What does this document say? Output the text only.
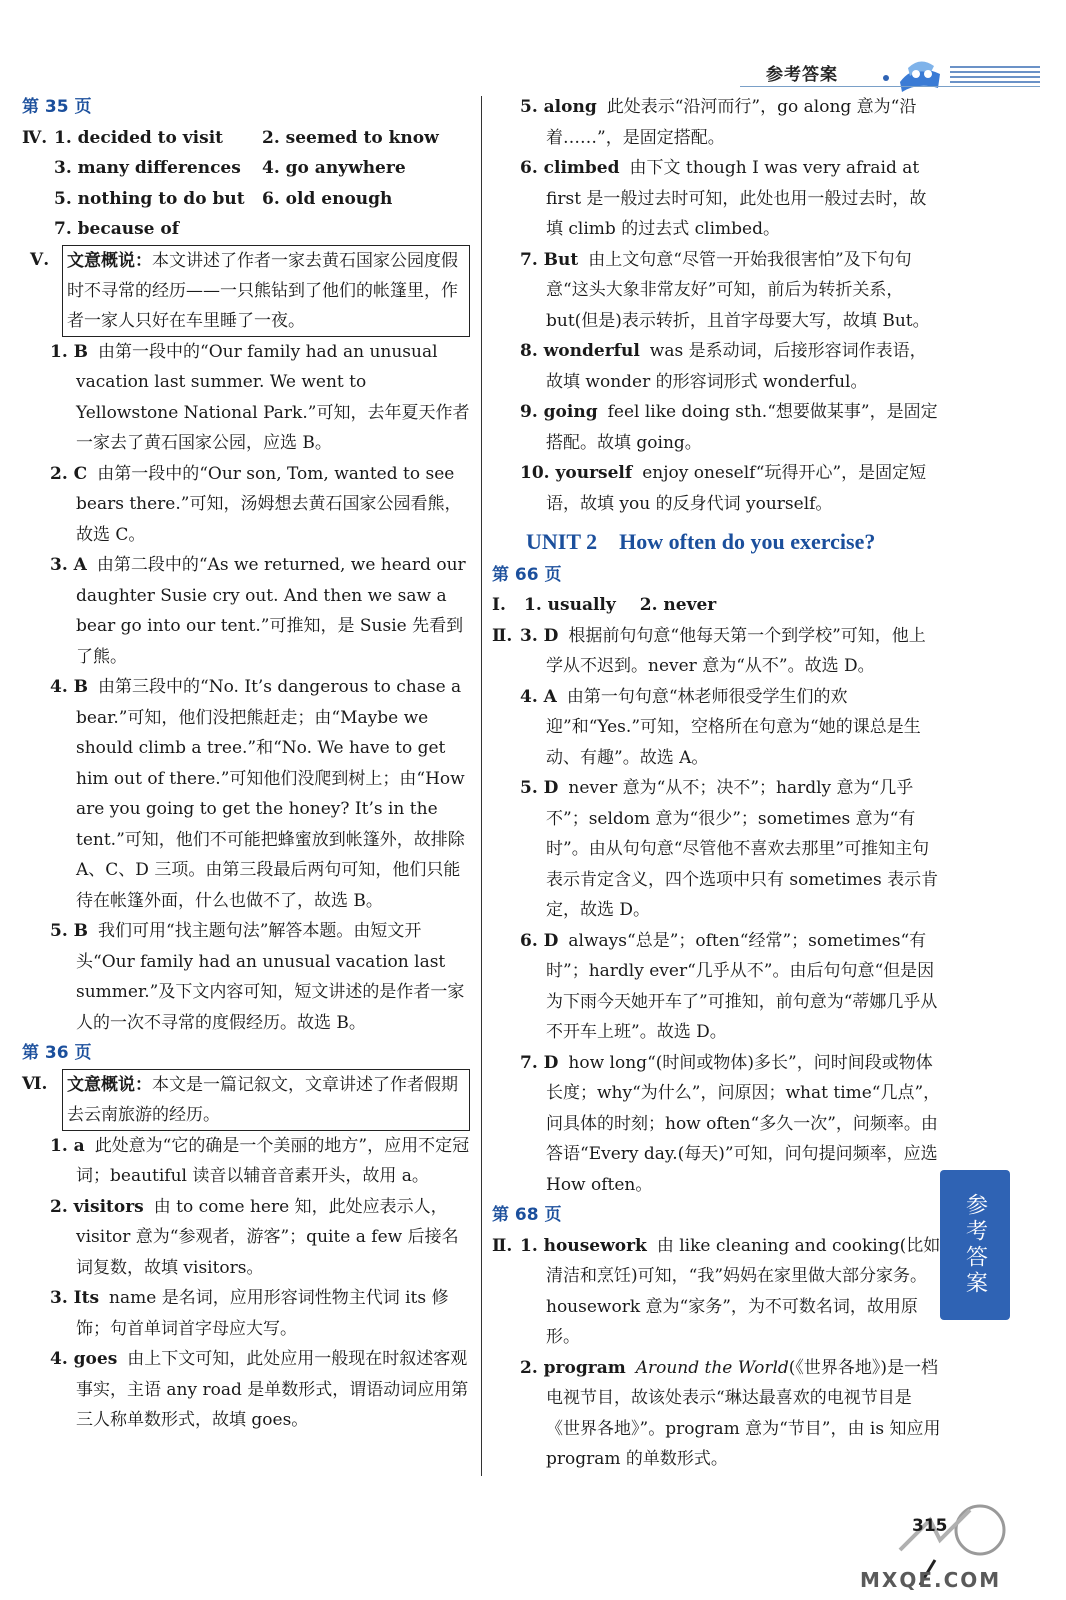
参考答案
第 35 页
Ⅳ. 1. decided to visit	2. seemed to know
3. many differences	4. go anywhere
5. nothing to do but	6. old enough
7. because of
Ⅴ.	文意概说：本文讲述了作者一家去黄石国家公园度假时不寻常的经历——一只熊钻到了他们的帐篷里，作者一家人只好在车里睡了一夜。
1. B 由第一段中的“Our family had an unusual vacation last summer. We went to Yellowstone National Park.”可知，去年夏天作者一家去了黄石国家公园，应选 B。
2. C 由第一段中的“Our son, Tom, wanted to see bears there.”可知，汤姆想去黄石国家公园看熊，故选 C。
3. A 由第二段中的“As we returned, we heard our daughter Susie cry out. And then we saw a bear go into our tent.”可推知，是 Susie 先看到了熊。
4. B 由第三段中的“No. It’s dangerous to chase a bear.”可知，他们没把熊赶走；由“Maybe we should climb a tree.”和“No. We have to get him out of there.”可知他们没爬到树上；由“How are you going to get the honey? It’s in the tent.”可知，他们不可能把蜂蜜放到帐篷外，故排除 A、C、D 三项。由第三段最后两句可知，他们只能待在帐篷外面，什么也做不了，故选 B。
5. B 我们可用“找主题句法”解答本题。由短文开头“Our family had an unusual vacation last summer.”及下文内容可知，短文讲述的是作者一家人的一次不寻常的度假经历。故选 B。
第 36 页
Ⅵ.	文意概说：本文是一篇记叙文，文章讲述了作者假期去云南旅游的经历。
1. a 此处意为“它的确是一个美丽的地方”，应用不定冠词；beautiful 读音以辅音音素开头，故用 a。
2. visitors 由 to come here 知，此处应表示人，visitor 意为“参观者，游客”；quite a few 后接名词复数，故填 visitors。
3. Its name 是名词，应用形容词性物主代词 its 修饰；句首单词首字母应大写。
4. goes 由上下文可知，此处应用一般现在时叙述客观事实，主语 any road 是单数形式，谓语动词应用第三人称单数形式，故填 goes。
5. along 此处表示“沿河而行”，go along 意为“沿着……”，是固定搭配。
6. climbed 由下文 though I was very afraid at first 是一般过去时可知，此处也用一般过去时，故填 climb 的过去式 climbed。
7. But 由上文句意“尽管一开始我很害怕”及下句句意“这头大象非常友好”可知，前后为转折关系，but(但是)表示转折，且首字母要大写，故填 But。
8. wonderful was 是系动词，后接形容词作表语，故填 wonder 的形容词形式 wonderful。
9. going feel like doing sth.“想要做某事”，是固定搭配。故填 going。
10. yourself enjoy oneself“玩得开心”，是固定短语，故填 you 的反身代词 yourself。
UNIT 2　How often do you exercise?
第 66 页
Ⅰ.	1. usually 2. never
Ⅱ. 3. D 根据前句句意“他每天第一个到学校”可知，他上学从不迟到。never 意为“从不”。故选 D。
4. A 由第一句句意“林老师很受学生们的欢迎”和“Yes.”可知，空格所在句意为“她的课总是生动、有趣”。故选 A。
5. D never 意为“从不；决不”；hardly 意为“几乎不”；seldom 意为“很少”；sometimes 意为“有时”。由从句句意“尽管他不喜欢去那里”可推知主句表示肯定含义，四个选项中只有 sometimes 表示肯定，故选 D。
6. D always“总是”；often“经常”；sometimes“有时”；hardly ever“几乎从不”。由后句句意“但是因为下雨今天她开车了”可推知，前句意为“蒂娜几乎从不开车上班”。故选 D。
7. D how long“(时间或物体)多长”，问时间段或物体长度；why“为什么”，问原因；what time“几点”，问具体的时刻；how often“多久一次”，问频率。由答语“Every day.(每天)”可知，问句提问频率，应选 How often。
第 68 页
Ⅱ. 1. housework 由 like cleaning and cooking(比如清洁和烹饪)可知，“我”妈妈在家里做大部分家务。housework 意为“家务”，为不可数名词，故用原形。
2. program Around the World(《世界各地》)是一档电视节目，故该处表示“琳达最喜欢的电视节目是《世界各地》”。program 意为“节目”，由 is 知应用 program 的单数形式。
参考答案
315
MXQE.COM
